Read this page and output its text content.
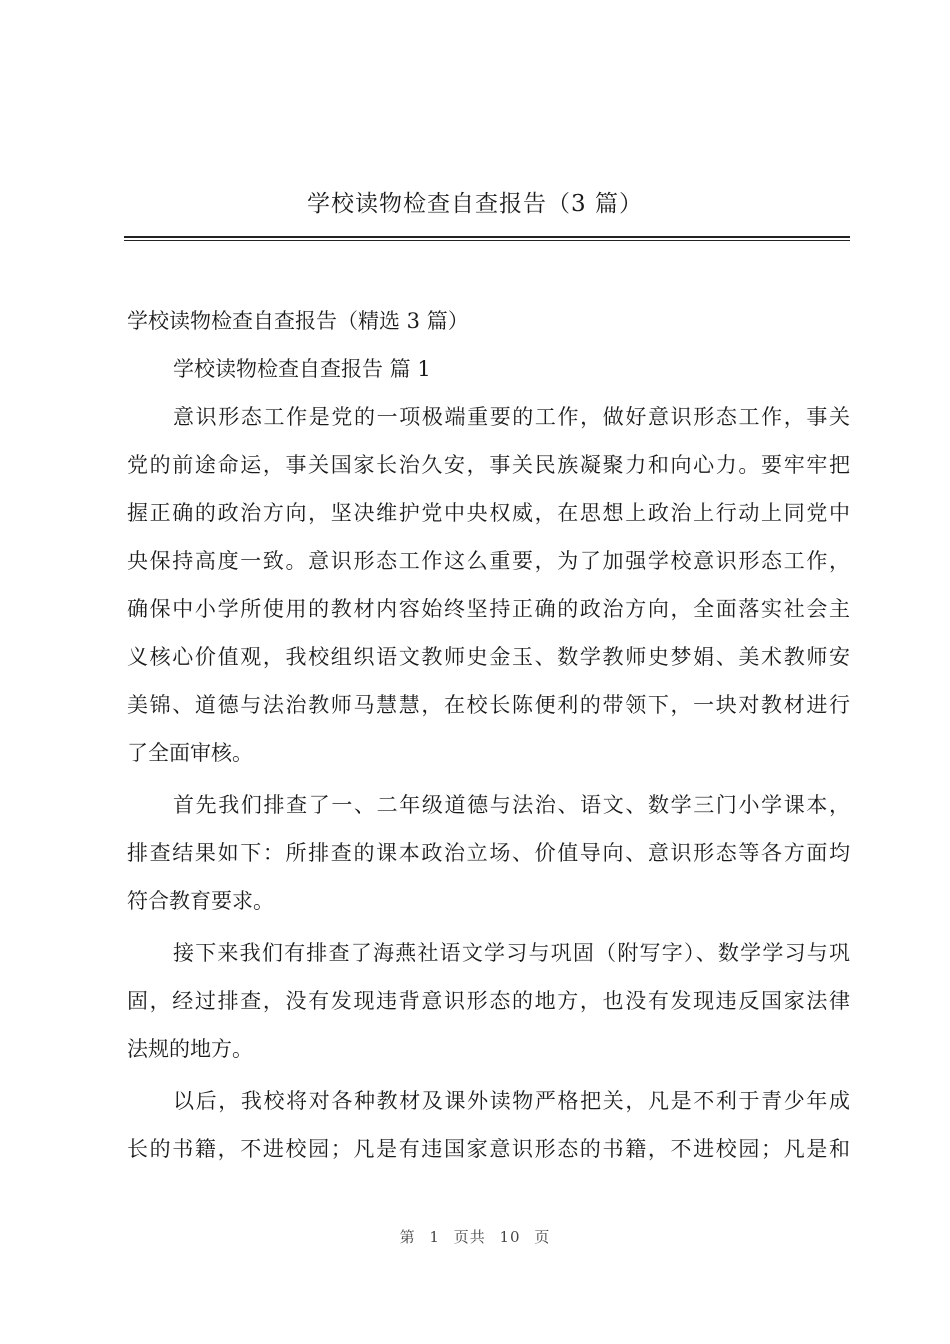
学校读物检查自查报告（3 篇）
学校读物检查自查报告（精选 3 篇）
学校读物检查自查报告 篇 1
意识形态工作是党的一项极端重要的工作，做好意识形态工作，事关
党的前途命运，事关国家长治久安，事关民族凝聚力和向心力。要牢牢把
握正确的政治方向，坚决维护党中央权威，在思想上政治上行动上同党中
央保持高度一致。意识形态工作这么重要，为了加强学校意识形态工作，
确保中小学所使用的教材内容始终坚持正确的政治方向，全面落实社会主
义核心价值观，我校组织语文教师史金玉、数学教师史梦娟、美术教师安
美锦、道德与法治教师马慧慧，在校长陈便利的带领下，一块对教材进行
了全面审核。
首先我们排查了一、二年级道德与法治、语文、数学三门小学课本，
排查结果如下：所排查的课本政治立场、价值导向、意识形态等各方面均
符合教育要求。
接下来我们有排查了海燕社语文学习与巩固（附写字）、数学学习与巩
固，经过排查，没有发现违背意识形态的地方，也没有发现违反国家法律
法规的地方。
以后，我校将对各种教材及课外读物严格把关，凡是不利于青少年成
长的书籍，不进校园；凡是有违国家意识形态的书籍，不进校园；凡是和
第 1 页共 10 页
